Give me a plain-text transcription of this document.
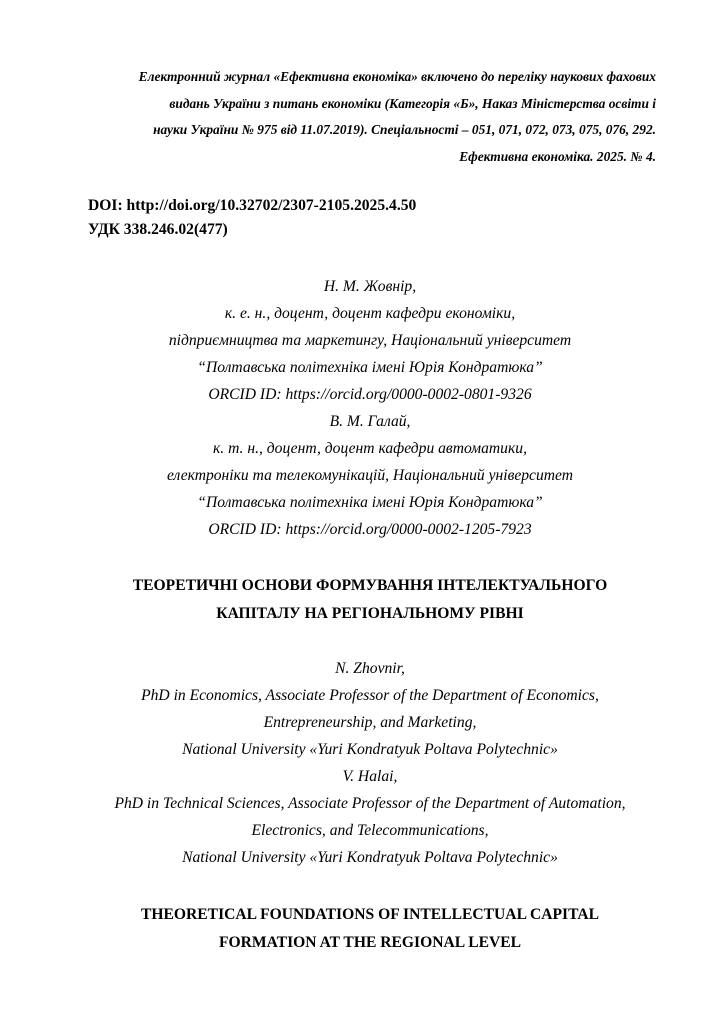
Електронний журнал «Ефективна економіка» включено до переліку наукових фахових
видань України з питань економіки (Категорія «Б», Наказ Міністерства освіти і
науки України № 975 від 11.07.2019). Спеціальності – 051, 071, 072, 073, 075, 076, 292.
Ефективна економіка. 2025. № 4.
DOI: http://doi.org/10.32702/2307-2105.2025.4.50
УДК 338.246.02(477)
Н. М. Жовнір,
к. е. н., доцент, доцент кафедри економіки,
підприємництва та маркетингу, Національний університет
“Полтавська політехніка імені Юрія Кондратюка”
ORCID ID: https://orcid.org/0000-0002-0801-9326
В. М. Галай,
к. т. н., доцент, доцент кафедри автоматики,
електроніки та телекомунікацій, Національний університет
“Полтавська політехніка імені Юрія Кондратюка”
ORCID ID: https://orcid.org/0000-0002-1205-7923
ТЕОРЕТИЧНІ ОСНОВИ ФОРМУВАННЯ ІНТЕЛЕКТУАЛЬНОГО
КАПІТАЛУ НА РЕГІОНАЛЬНОМУ РІВНІ
N. Zhovnir,
PhD in Economics, Associate Professor of the Department of Economics,
Entrepreneurship, and Marketing,
National University «Yuri Kondratyuk Poltava Polytechnic»
V. Halai,
PhD in Technical Sciences, Associate Professor of the Department of Automation,
Electronics, and Telecommunications,
National University «Yuri Kondratyuk Poltava Polytechnic»
THEORETICAL FOUNDATIONS OF INTELLECTUAL CAPITAL
FORMATION AT THE REGIONAL LEVEL
